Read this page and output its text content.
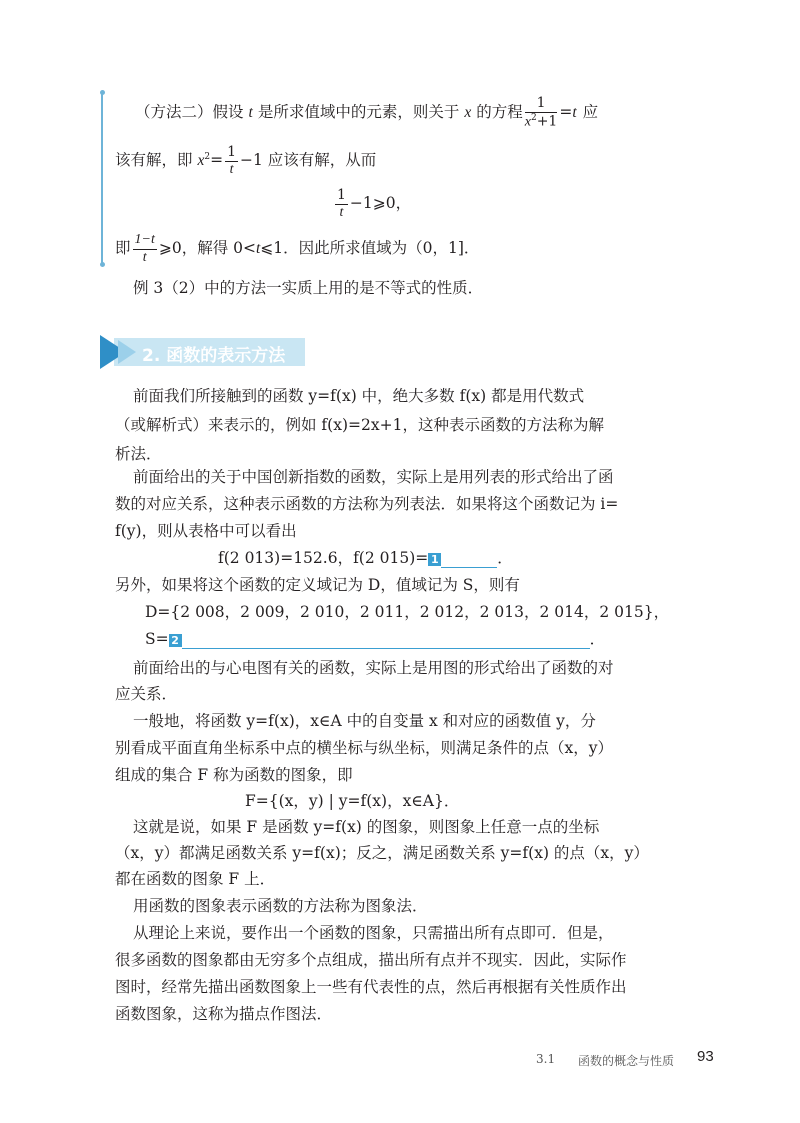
（方法二）假设 t 是所求值域中的元素，则关于 x 的方程 $\frac{1}{x^2+1} =t$ 应
该有解，即 $x^2= \frac{1}{t} -1$ 应该有解，从而
$\frac{1}{t}$ −1⩾0，
即 $\frac{1-t}{t}$ ⩾0，解得 0<t⩽1．因此所求值域为（0，1]．
例 3（2）中的方法一实质上用的是不等式的性质．
2. 函数的表示方法
前面我们所接触到的函数 y=f(x) 中，绝大多数 f(x) 都是用代数式
（或解析式）来表示的，例如 f(x)=2x+1，这种表示函数的方法称为解
析法．
前面给出的关于中国创新指数的函数，实际上是用列表的形式给出了函
数的对应关系，这种表示函数的方法称为列表法．如果将这个函数记为 i=
f(y)，则从表格中可以看出
f(2 013)=152.6，f(2 015)= 1	．
另外，如果将这个函数的定义域记为 D，值域记为 S，则有
D={2 008，2 009，2 010，2 011，2 012，2 013，2 014，2 015}，
S= 2	．
前面给出的与心电图有关的函数，实际上是用图的形式给出了函数的对
应关系．
一般地，将函数 y=f(x)，x∈A 中的自变量 x 和对应的函数值 y，分
别看成平面直角坐标系中点的横坐标与纵坐标，则满足条件的点（x，y）
组成的集合 F 称为函数的图象，即
F={(x，y) | y=f(x)，x∈A}．
这就是说，如果 F 是函数 y=f(x) 的图象，则图象上任意一点的坐标
（x，y）都满足函数关系 y=f(x)；反之，满足函数关系 y=f(x) 的点（x，y）
都在函数的图象 F 上．
用函数的图象表示函数的方法称为图象法．
从理论上来说，要作出一个函数的图象，只需描出所有点即可．但是，
很多函数的图象都由无穷多个点组成，描出所有点并不现实．因此，实际作
图时，经常先描出函数图象上一些有代表性的点，然后再根据有关性质作出
函数图象，这称为描点作图法．
3.1 函数的概念与性质 93
